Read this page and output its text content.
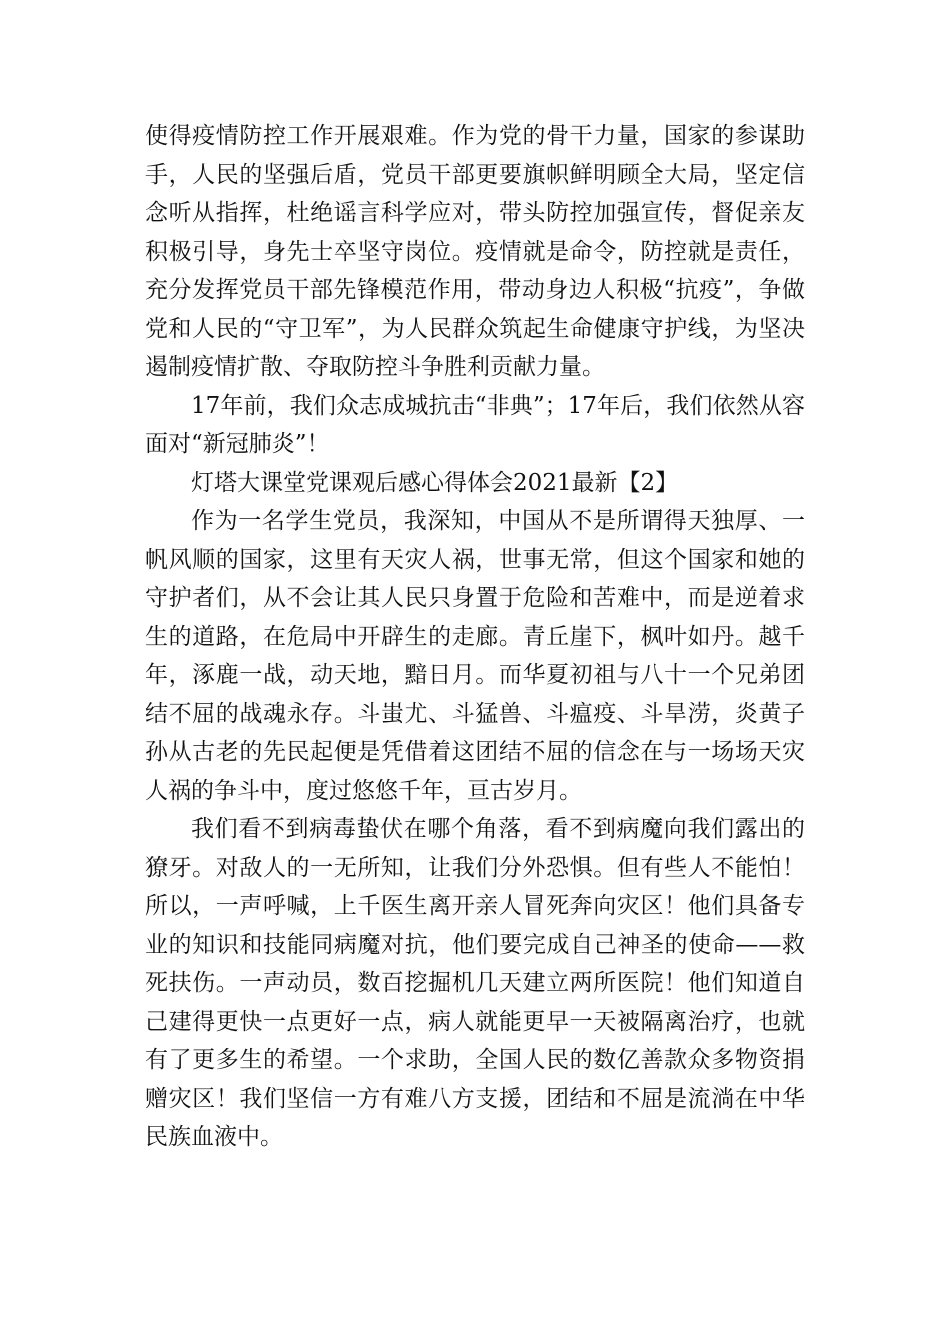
使得疫情防控工作开展艰难。作为党的骨干力量，国家的参谋助手，人民的坚强后盾，党员干部更要旗帜鲜明顾全大局，坚定信念听从指挥，杜绝谣言科学应对，带头防控加强宣传，督促亲友积极引导，身先士卒坚守岗位。疫情就是命令，防控就是责任，充分发挥党员干部先锋模范作用，带动身边人积极“抗疫”，争做党和人民的“守卫军”，为人民群众筑起生命健康守护线，为坚决遏制疫情扩散、夺取防控斗争胜利贡献力量。

17年前，我们众志成城抗击“非典”；17年后，我们依然从容面对“新冠肺炎”！

灯塔大课堂党课观后感心得体会2021最新【2】

作为一名学生党员，我深知，中国从不是所谓得天独厚、一帆风顺的国家，这里有天灾人祸，世事无常，但这个国家和她的守护者们，从不会让其人民只身置于危险和苦难中，而是逆着求生的道路，在危局中开辟生的走廊。青丘崖下，枫叶如丹。越千年，涿鹿一战，动天地，黯日月。而华夏初祖与八十一个兄弟团结不屈的战魂永存。斗蚩尤、斗猛兽、斗瘟疫、斗旱涝，炎黄子孙从古老的先民起便是凭借着这团结不屈的信念在与一场场天灾人祸的争斗中，度过悠悠千年，亘古岁月。

我们看不到病毒蛰伏在哪个角落，看不到病魔向我们露出的獠牙。对敌人的一无所知，让我们分外恐惧。但有些人不能怕！所以，一声呼喊，上千医生离开亲人冒死奔向灾区！他们具备专业的知识和技能同病魔对抗，他们要完成自己神圣的使命——救死扶伤。一声动员，数百挖掘机几天建立两所医院！他们知道自己建得更快一点更好一点，病人就能更早一天被隔离治疗，也就有了更多生的希望。一个求助，全国人民的数亿善款众多物资捐赠灾区！我们坚信一方有难八方支援，团结和不屈是流淌在中华民族血液中。
